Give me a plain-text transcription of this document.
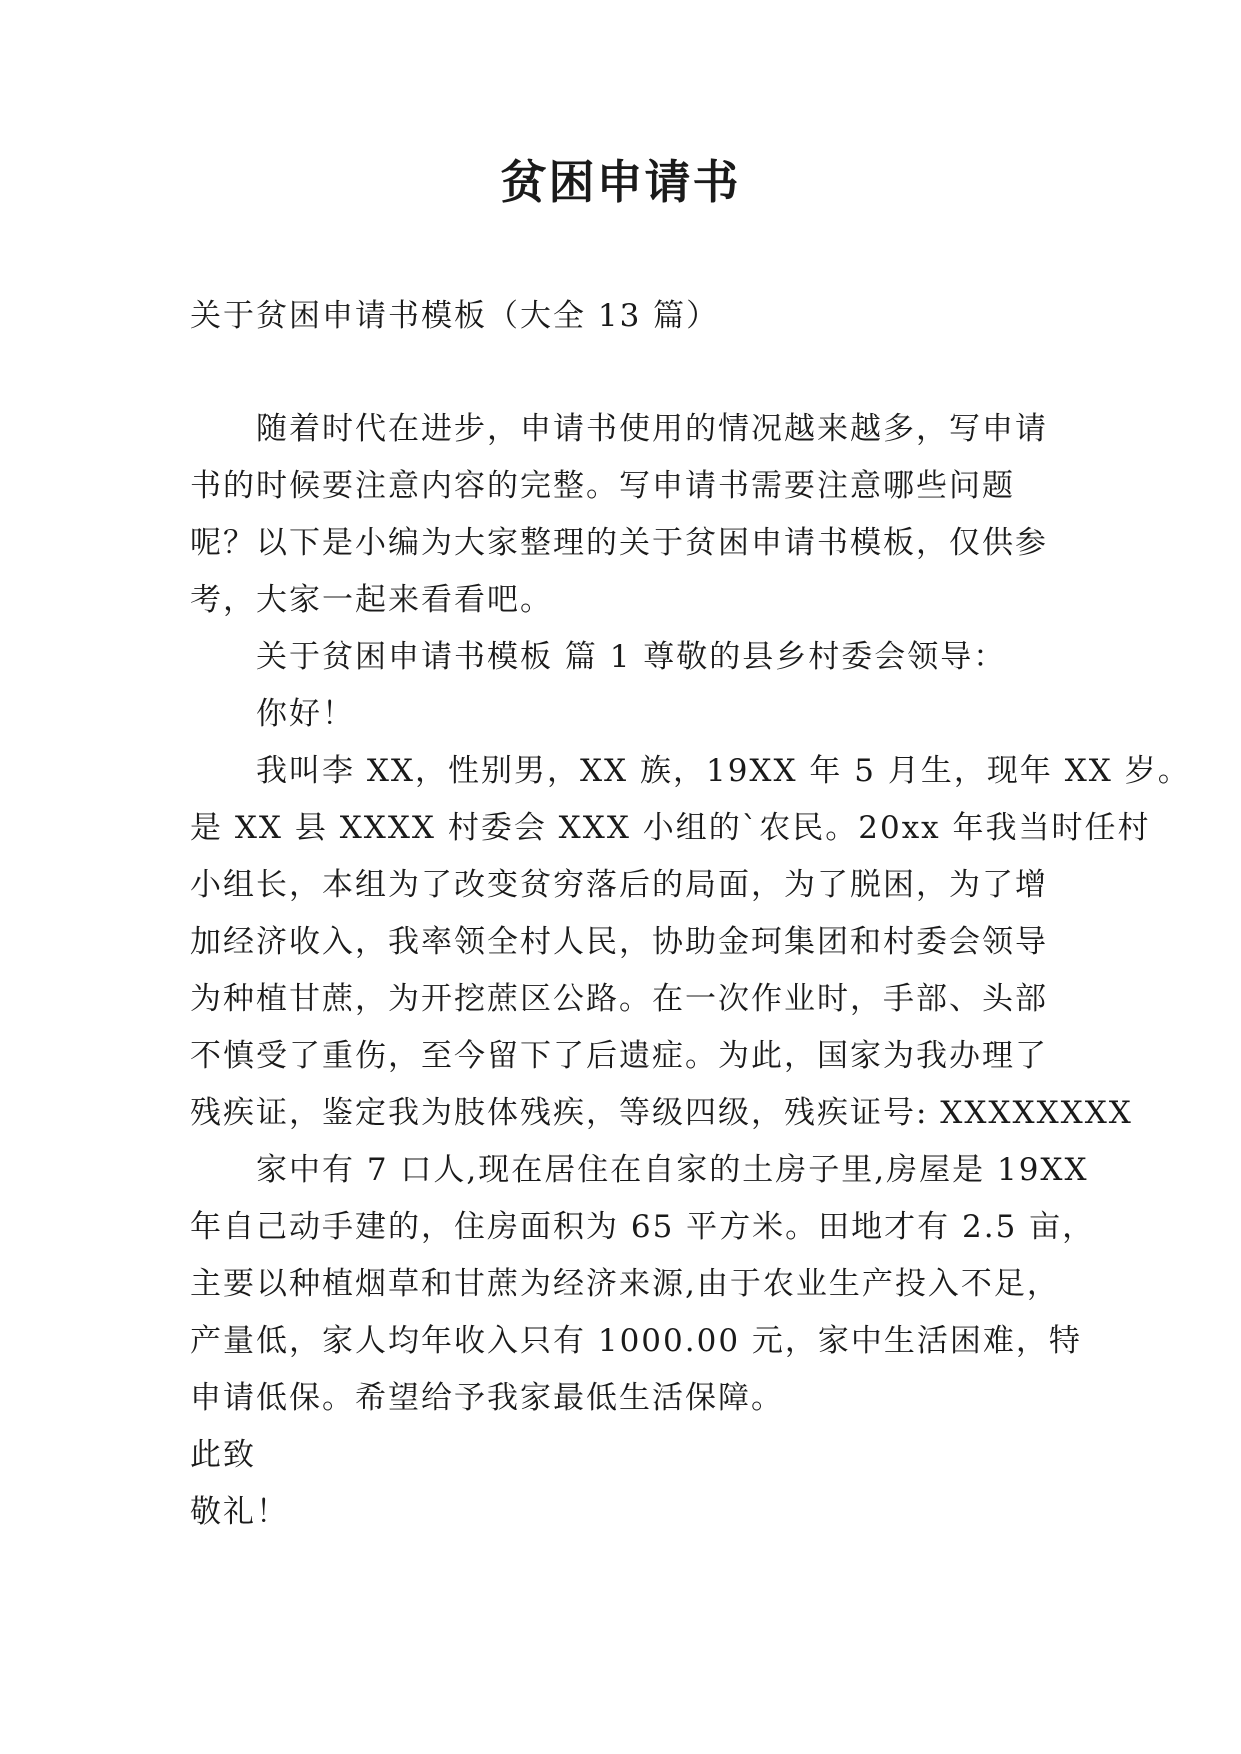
贫困申请书

关于贫困申请书模板（大全 13 篇）

随着时代在进步，申请书使用的情况越来越多，写申请

书的时候要注意内容的完整。写申请书需要注意哪些问题

呢？以下是小编为大家整理的关于贫困申请书模板，仅供参

考，大家一起来看看吧。

关于贫困申请书模板 篇 1 尊敬的县乡村委会领导：

你好！

我叫李 XX，性别男，XX 族，19XX 年 5 月生，现年 XX 岁。

是 XX 县 XXXX 村委会 XXX 小组的`农民。20xx 年我当时任村

小组长，本组为了改变贫穷落后的局面，为了脱困，为了增

加经济收入，我率领全村人民，协助金珂集团和村委会领导

为种植甘蔗，为开挖蔗区公路。在一次作业时，手部、头部

不慎受了重伤，至今留下了后遗症。为此，国家为我办理了

残疾证，鉴定我为肢体残疾，等级四级，残疾证号: XXXXXXXX

家中有 7 口人,现在居住在自家的土房子里,房屋是 19XX

年自己动手建的，住房面积为 65 平方米。田地才有 2.5 亩，

主要以种植烟草和甘蔗为经济来源,由于农业生产投入不足，

产量低，家人均年收入只有 1000.00 元，家中生活困难，特

申请低保。希望给予我家最低生活保障。

此致

敬礼！
